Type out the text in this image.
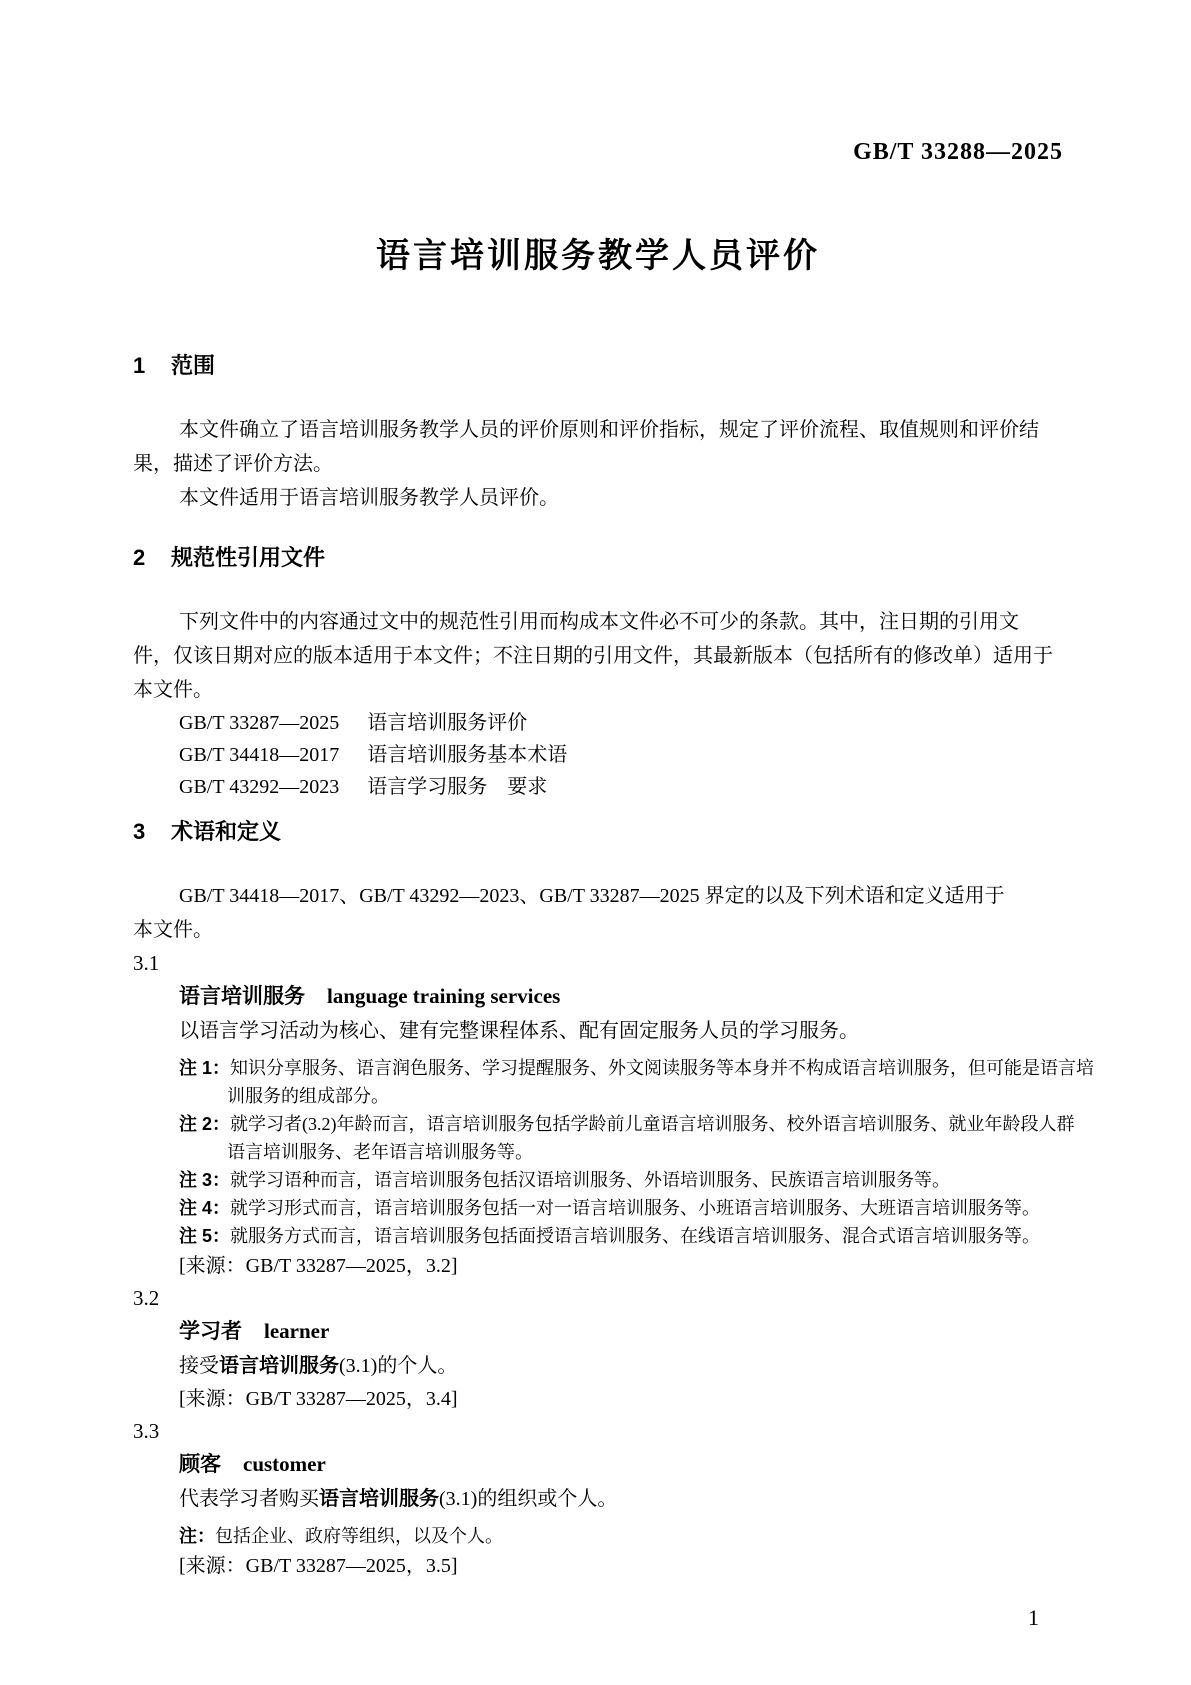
GB/T 33288—2025
语言培训服务教学人员评价
1 范围
本文件确立了语言培训服务教学人员的评价原则和评价指标，规定了评价流程、取值规则和评价结
果，描述了评价方法。
本文件适用于语言培训服务教学人员评价。
2 规范性引用文件
下列文件中的内容通过文中的规范性引用而构成本文件必不可少的条款。其中，注日期的引用文
件，仅该日期对应的版本适用于本文件；不注日期的引用文件，其最新版本（包括所有的修改单）适用于
本文件。
GB/T 33287—2025 语言培训服务评价
GB/T 34418—2017 语言培训服务基本术语
GB/T 43292—2023 语言学习服务　要求
3 术语和定义
GB/T 34418—2017、GB/T 43292—2023、GB/T 33287—2025 界定的以及下列术语和定义适用于
本文件。
3.1
语言培训服务 language training services
以语言学习活动为核心、建有完整课程体系、配有固定服务人员的学习服务。
注 1：知识分享服务、语言润色服务、学习提醒服务、外文阅读服务等本身并不构成语言培训服务，但可能是语言培
训服务的组成部分。
注 2：就学习者(3.2)年龄而言，语言培训服务包括学龄前儿童语言培训服务、校外语言培训服务、就业年龄段人群
语言培训服务、老年语言培训服务等。
注 3：就学习语种而言，语言培训服务包括汉语培训服务、外语培训服务、民族语言培训服务等。
注 4：就学习形式而言，语言培训服务包括一对一语言培训服务、小班语言培训服务、大班语言培训服务等。
注 5：就服务方式而言，语言培训服务包括面授语言培训服务、在线语言培训服务、混合式语言培训服务等。
[来源：GB/T 33287—2025，3.2]
3.2
学习者 learner
接受语言培训服务(3.1)的个人。
[来源：GB/T 33287—2025，3.4]
3.3
顾客 customer
代表学习者购买语言培训服务(3.1)的组织或个人。
注：包括企业、政府等组织，以及个人。
[来源：GB/T 33287—2025，3.5]
1
